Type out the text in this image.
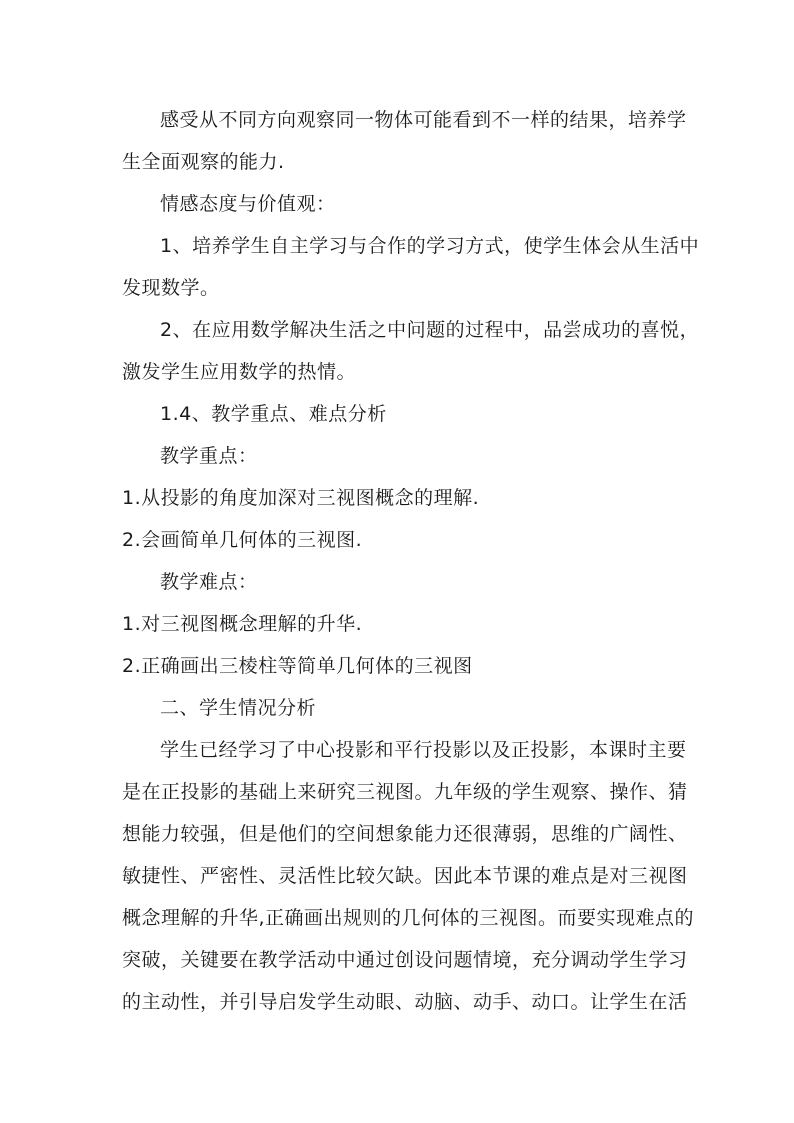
感受从不同方向观察同一物体可能看到不一样的结果，培养学
生全面观察的能力.
情感态度与价值观：
1、培养学生自主学习与合作的学习方式，使学生体会从生活中
发现数学。
2、在应用数学解决生活之中问题的过程中，品尝成功的喜悦，
激发学生应用数学的热情。
1.4、教学重点、难点分析
教学重点：
1.从投影的角度加深对三视图概念的理解.
2.会画简单几何体的三视图.
教学难点：
1.对三视图概念理解的升华.
2.正确画出三棱柱等简单几何体的三视图
二、学生情况分析
学生已经学习了中心投影和平行投影以及正投影，本课时主要
是在正投影的基础上来研究三视图。九年级的学生观察、操作、猜
想能力较强，但是他们的空间想象能力还很薄弱，思维的广阔性、
敏捷性、严密性、灵活性比较欠缺。因此本节课的难点是对三视图
概念理解的升华,正确画出规则的几何体的三视图。而要实现难点的
突破，关键要在教学活动中通过创设问题情境，充分调动学生学习
的主动性，并引导启发学生动眼、动脑、动手、动口。让学生在活
